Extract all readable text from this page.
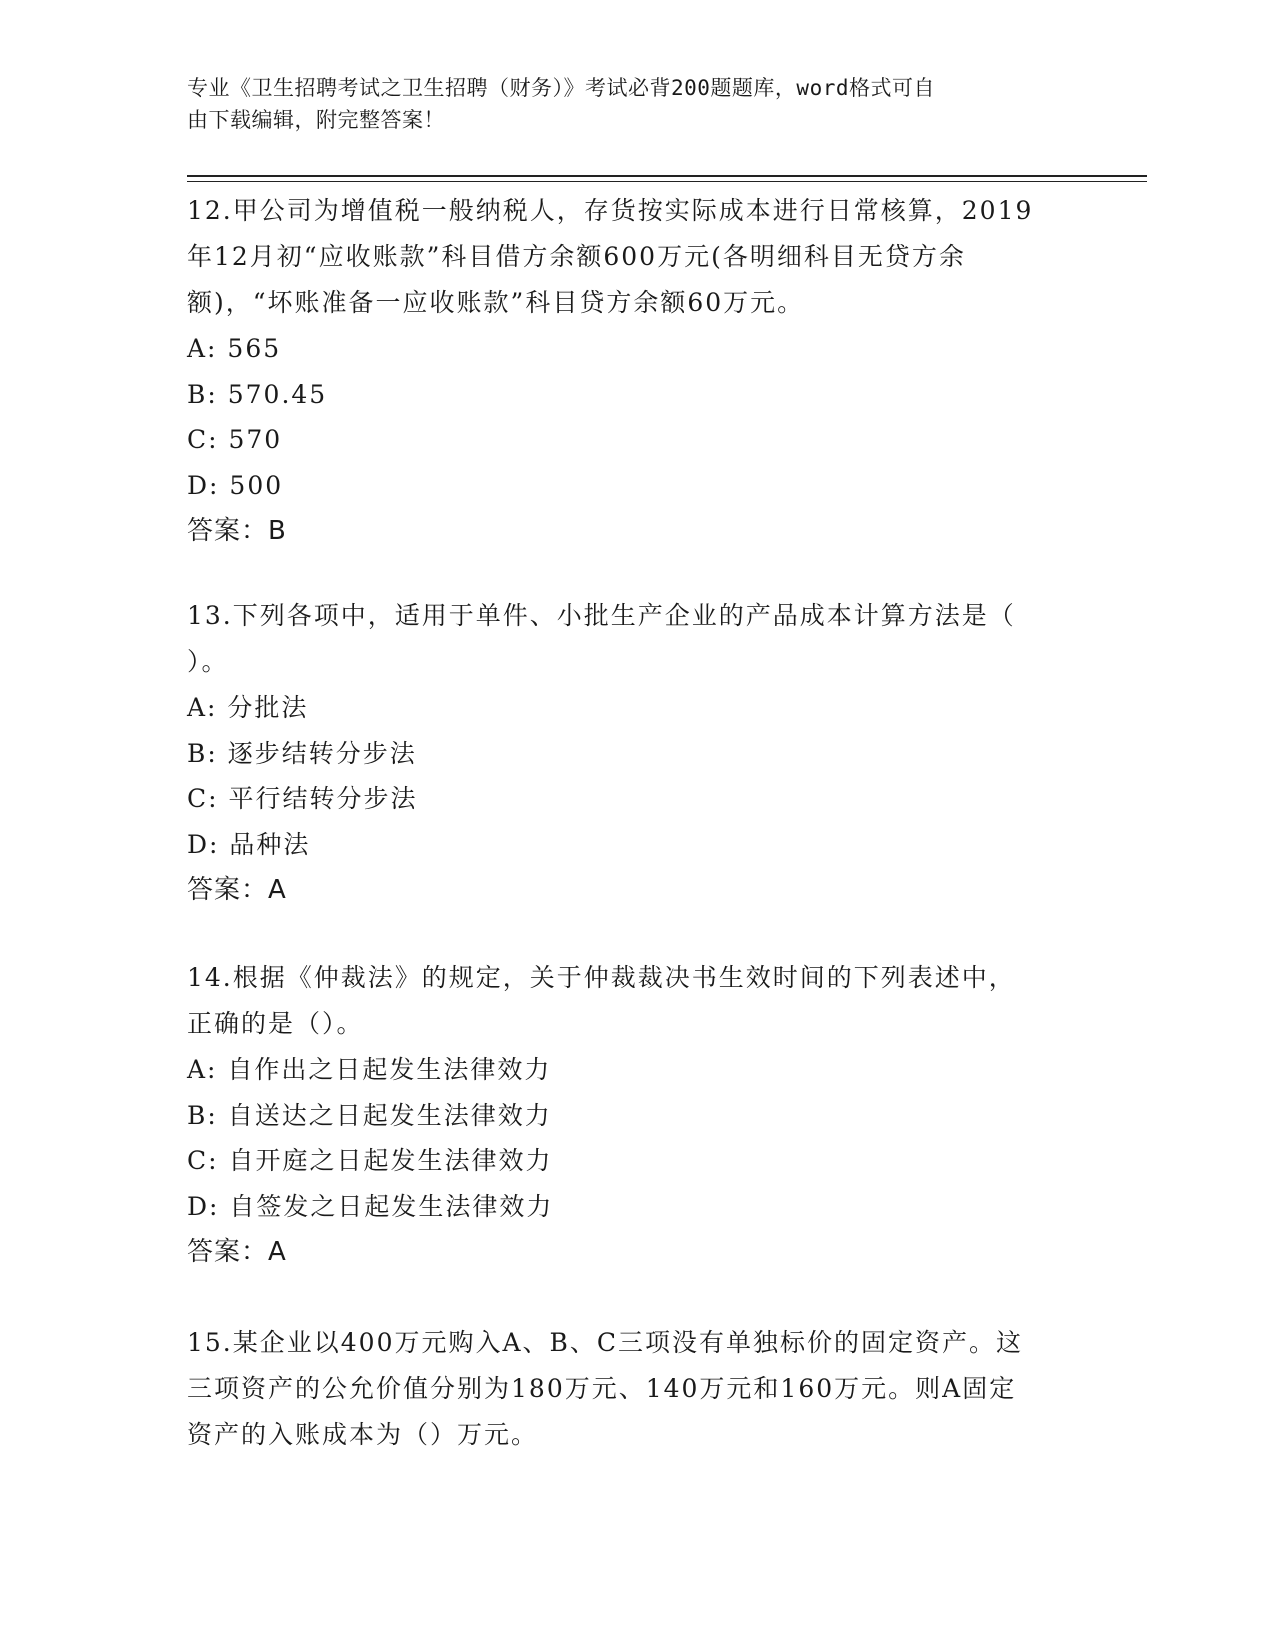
专业《卫生招聘考试之卫生招聘（财务）》考试必背200题题库，word格式可自
由下载编辑，附完整答案！
12.甲公司为增值税一般纳税人，存货按实际成本进行日常核算，2019
年12月初“应收账款”科目借方余额600万元(各明细科目无贷方余
额)，“坏账准备一应收账款”科目贷方余额60万元。
A: 565
B: 570.45
C: 570
D: 500
答案：B
13.下列各项中，适用于单件、小批生产企业的产品成本计算方法是（
）。
A: 分批法
B: 逐步结转分步法
C: 平行结转分步法
D: 品种法
答案：A
14.根据《仲裁法》的规定，关于仲裁裁决书生效时间的下列表述中，
正确的是（）。
A: 自作出之日起发生法律效力
B: 自送达之日起发生法律效力
C: 自开庭之日起发生法律效力
D: 自签发之日起发生法律效力
答案：A
15.某企业以400万元购入A、B、C三项没有单独标价的固定资产。这
三项资产的公允价值分别为180万元、140万元和160万元。则A固定
资产的入账成本为（）万元。
